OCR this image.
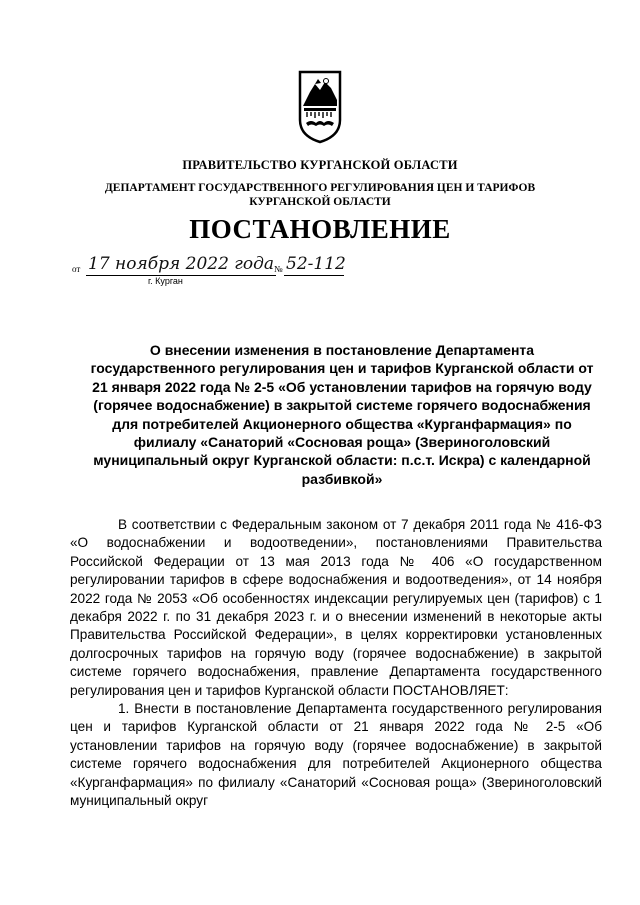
ПРАВИТЕЛЬСТВО КУРГАНСКОЙ ОБЛАСТИ
ДЕПАРТАМЕНТ ГОСУДАРСТВЕННОГО РЕГУЛИРОВАНИЯ ЦЕН И ТАРИФОВ
КУРГАНСКОЙ ОБЛАСТИ
ПОСТАНОВЛЕНИЕ
от 17 ноября 2022 года № 52-112
г. Курган
О внесении изменения в постановление Департамента государственного регулирования цен и тарифов Курганской области от 21 января 2022 года № 2-5 «Об установлении тарифов на горячую воду (горячее водоснабжение) в закрытой системе горячего водоснабжения для потребителей Акционерного общества «Курганфармация» по филиалу «Санаторий «Сосновая роща» (Звериноголовский муниципальный округ Курганской области: п.с.т. Искра) с календарной разбивкой»

В соответствии с Федеральным законом от 7 декабря 2011 года № 416-ФЗ «О водоснабжении и водоотведении», постановлениями Правительства Российской Федерации от 13 мая 2013 года № 406 «О государственном регулировании тарифов в сфере водоснабжения и водоотведения», от 14 ноября 2022 года № 2053 «Об особенностях индексации регулируемых цен (тарифов) с 1 декабря 2022 г. по 31 декабря 2023 г. и о внесении изменений в некоторые акты Правительства Российской Федерации», в целях корректировки установленных долгосрочных тарифов на горячую воду (горячее водоснабжение) в закрытой системе горячего водоснабжения, правление Департамента государственного регулирования цен и тарифов Курганской области ПОСТАНОВЛЯЕТ:

1. Внести в постановление Департамента государственного регулирования цен и тарифов Курганской области от 21 января 2022 года № 2-5 «Об установлении тарифов на горячую воду (горячее водоснабжение) в закрытой системе горячего водоснабжения для потребителей Акционерного общества «Курганфармация» по филиалу «Санаторий «Сосновая роща» (Звериноголовский муниципальный округ
